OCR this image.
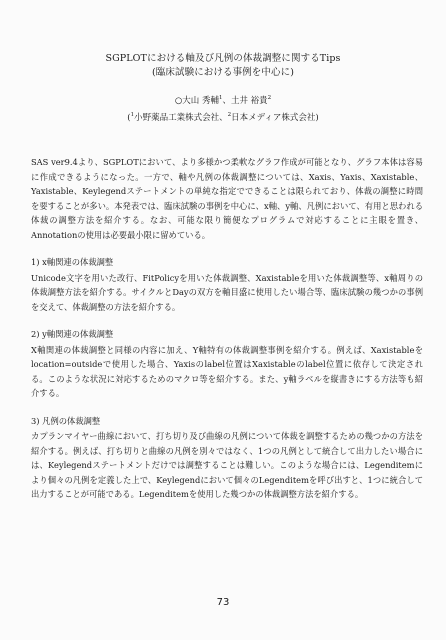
SGPLOTにおける軸及び凡例の体裁調整に関するTips
(臨床試験における事例を中心に)
○大山 秀輔$^1$、土井 裕貴$^2$
($^1$小野薬品工業株式会社、$^2$日本メディア株式会社)

SAS ver9.4より、SGPLOTにおいて、より多様かつ柔軟なグラフ作成が可能となり、グラフ本体は容易に作成できるようになった。一方で、軸や凡例の体裁調整については、Xaxis、Yaxis、Xaxistable、Yaxistable、Keylegendステートメントの単純な指定でできることは限られており、体裁の調整に時間を要することが多い。本発表では、臨床試験の事例を中心に、x軸、y軸、凡例において、有用と思われる体裁の調整方法を紹介する。なお、可能な限り簡便なプログラムで対応することに主眼を置き、Annotationの使用は必要最小限に留めている。

1) x軸関連の体裁調整

Unicode文字を用いた改行、FitPolicyを用いた体裁調整、Xaxistableを用いた体裁調整等、x軸周りの体裁調整方法を紹介する。サイクルとDayの双方を軸目盛に使用したい場合等、臨床試験の幾つかの事例を交えて、体裁調整の方法を紹介する。

2) y軸関連の体裁調整

X軸関連の体裁調整と同様の内容に加え、Y軸特有の体裁調整事例を紹介する。例えば、Xaxistableをlocation=outsideで使用した場合、Yaxisのlabel位置はXaxistableのlabel位置に依存して決定される。このような状況に対応するためのマクロ等を紹介する。また、y軸ラベルを縦書きにする方法等も紹介する。

3) 凡例の体裁調整

カプランマイヤー曲線において、打ち切り及び曲線の凡例について体裁を調整するための幾つかの方法を紹介する。例えば、打ち切りと曲線の凡例を別々ではなく、1つの凡例として統合して出力したい場合には、Keylegendステートメントだけでは調整することは難しい。このような場合には、Legenditemにより個々の凡例を定義した上で、Keylegendにおいて個々のLegenditemを呼び出すと、1つに統合して出力することが可能である。Legenditemを使用した幾つかの体裁調整方法を紹介する。

73
